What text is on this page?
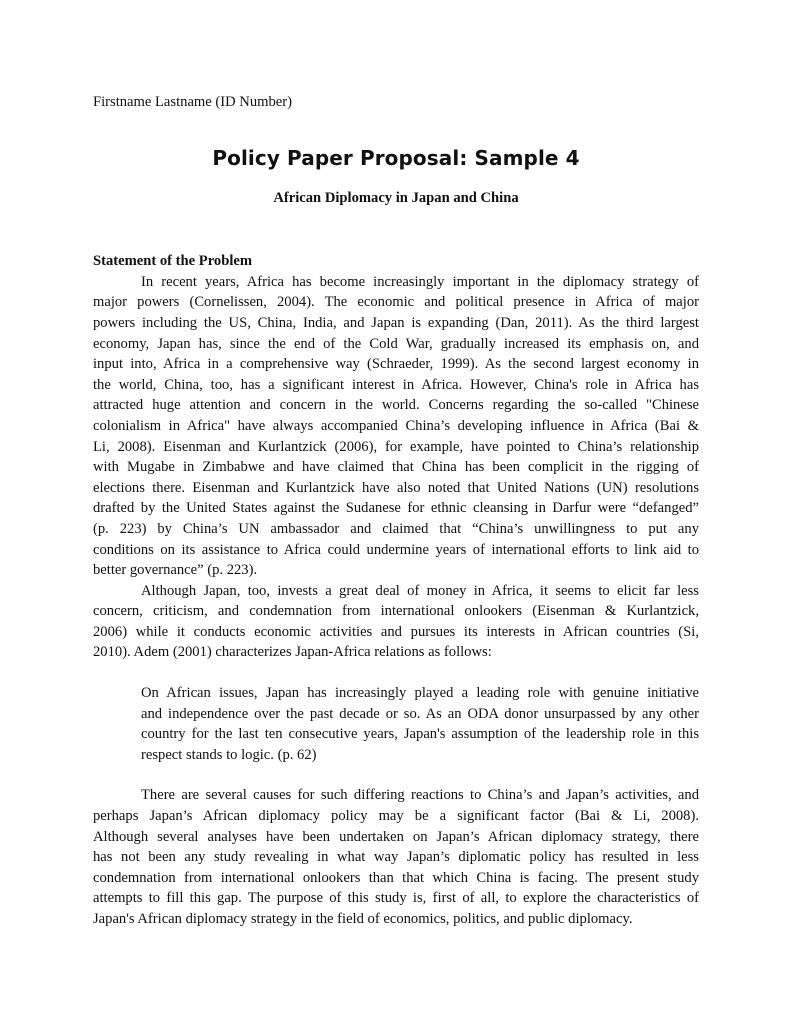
Firstname Lastname (ID Number)
Policy Paper Proposal: Sample 4
African Diplomacy in Japan and China
Statement of the Problem
In recent years, Africa has become increasingly important in the diplomacy strategy of
major powers (Cornelissen, 2004). The economic and political presence in Africa of major
powers including the US, China, India, and Japan is expanding (Dan, 2011). As the third largest
economy, Japan has, since the end of the Cold War, gradually increased its emphasis on, and
input into, Africa in a comprehensive way (Schraeder, 1999). As the second largest economy in
the world, China, too, has a significant interest in Africa. However, China's role in Africa has
attracted huge attention and concern in the world. Concerns regarding the so-called "Chinese
colonialism in Africa" have always accompanied China’s developing influence in Africa (Bai &
Li, 2008). Eisenman and Kurlantzick (2006), for example, have pointed to China’s relationship
with Mugabe in Zimbabwe and have claimed that China has been complicit in the rigging of
elections there. Eisenman and Kurlantzick have also noted that United Nations (UN) resolutions
drafted by the United States against the Sudanese for ethnic cleansing in Darfur were “defanged”
(p. 223) by China’s UN ambassador and claimed that “China’s unwillingness to put any
conditions on its assistance to Africa could undermine years of international efforts to link aid to
better governance” (p. 223).
Although Japan, too, invests a great deal of money in Africa, it seems to elicit far less
concern, criticism, and condemnation from international onlookers (Eisenman & Kurlantzick,
2006) while it conducts economic activities and pursues its interests in African countries (Si,
2010). Adem (2001) characterizes Japan-Africa relations as follows:
On African issues, Japan has increasingly played a leading role with genuine initiative
and independence over the past decade or so. As an ODA donor unsurpassed by any other
country for the last ten consecutive years, Japan's assumption of the leadership role in this
respect stands to logic. (p. 62)
There are several causes for such differing reactions to China’s and Japan’s activities, and
perhaps Japan’s African diplomacy policy may be a significant factor (Bai & Li, 2008).
Although several analyses have been undertaken on Japan’s African diplomacy strategy, there
has not been any study revealing in what way Japan’s diplomatic policy has resulted in less
condemnation from international onlookers than that which China is facing. The present study
attempts to fill this gap. The purpose of this study is, first of all, to explore the characteristics of
Japan's African diplomacy strategy in the field of economics, politics, and public diplomacy.
